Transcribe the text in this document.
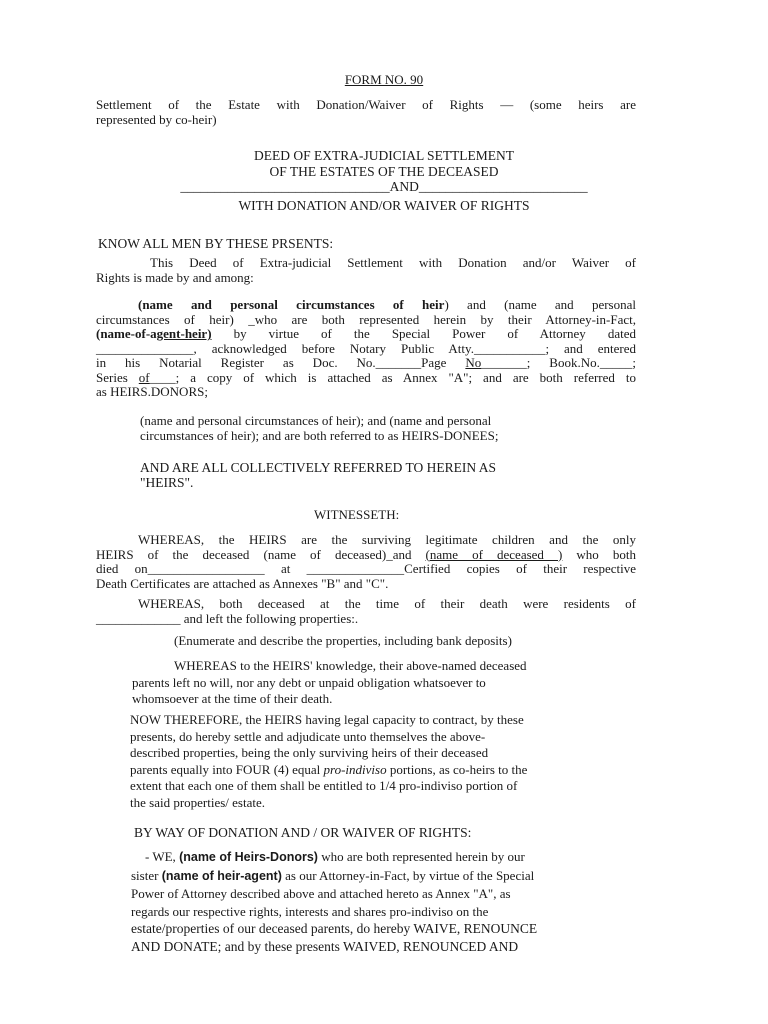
FORM NO. 90
Settlement of the Estate with Donation/Waiver of Rights — (some heirs are
represented by co-heir)
DEED OF EXTRA-JUDICIAL SETTLEMENT
OF THE ESTATES OF THE DECEASED
_______________________________AND_________________________
WITH DONATION AND/OR WAIVER OF RIGHTS
KNOW ALL MEN BY THESE PRSENTS:
This Deed of Extra-judicial Settlement with Donation and/or Waiver of
Rights is made by and among:
(name and personal circumstances of heir) and (name and personal
circumstances of heir) _who are both represented herein by their Attorney-in-Fact,
(name-of-agent-heir) by virtue of the Special Power of Attorney dated
_______________, acknowledged before Notary Public Atty.___________; and entered
in his Notarial Register as Doc. No._______Page No_______; Book.No._____;
Series of____; a copy of which is attached as Annex "A"; and are both referred to
as HEIRS.DONORS;
(name and personal circumstances of heir); and (name and personal
circumstances of heir); and are both referred to as HEIRS-DONEES;
AND ARE ALL COLLECTIVELY REFERRED TO HEREIN AS
"HEIRS".
WITNESSETH:
WHEREAS, the HEIRS are the surviving legitimate children and the only
HEIRS of the deceased (name of deceased)_and (name of deceased ) who both
died on__________________ at _______________Certified copies of their respective
Death Certificates are attached as Annexes "B" and "C".
WHEREAS, both deceased at the time of their death were residents of
_____________ and left the following properties:.
(Enumerate and describe the properties, including bank deposits)
WHEREAS to the HEIRS' knowledge, their above-named deceased
parents left no will, nor any debt or unpaid obligation whatsoever to
whomsoever at the time of their death.
NOW THEREFORE, the HEIRS having legal capacity to contract, by these
presents, do hereby settle and adjudicate unto themselves the above-
described properties, being the only surviving heirs of their deceased
parents equally into FOUR (4) equal pro-indiviso portions, as co-heirs to the
extent that each one of them shall be entitled to 1/4 pro-indiviso portion of
the said properties/ estate.
BY WAY OF DONATION AND / OR WAIVER OF RIGHTS:
- WE, (name of Heirs-Donors) who are both represented herein by our
sister (name of heir-agent) as our Attorney-in-Fact, by virtue of the Special
Power of Attorney described above and attached hereto as Annex "A", as
regards our respective rights, interests and shares pro-indiviso on the
estate/properties of our deceased parents, do hereby WAIVE, RENOUNCE
AND DONATE; and by these presents WAIVED, RENOUNCED AND
